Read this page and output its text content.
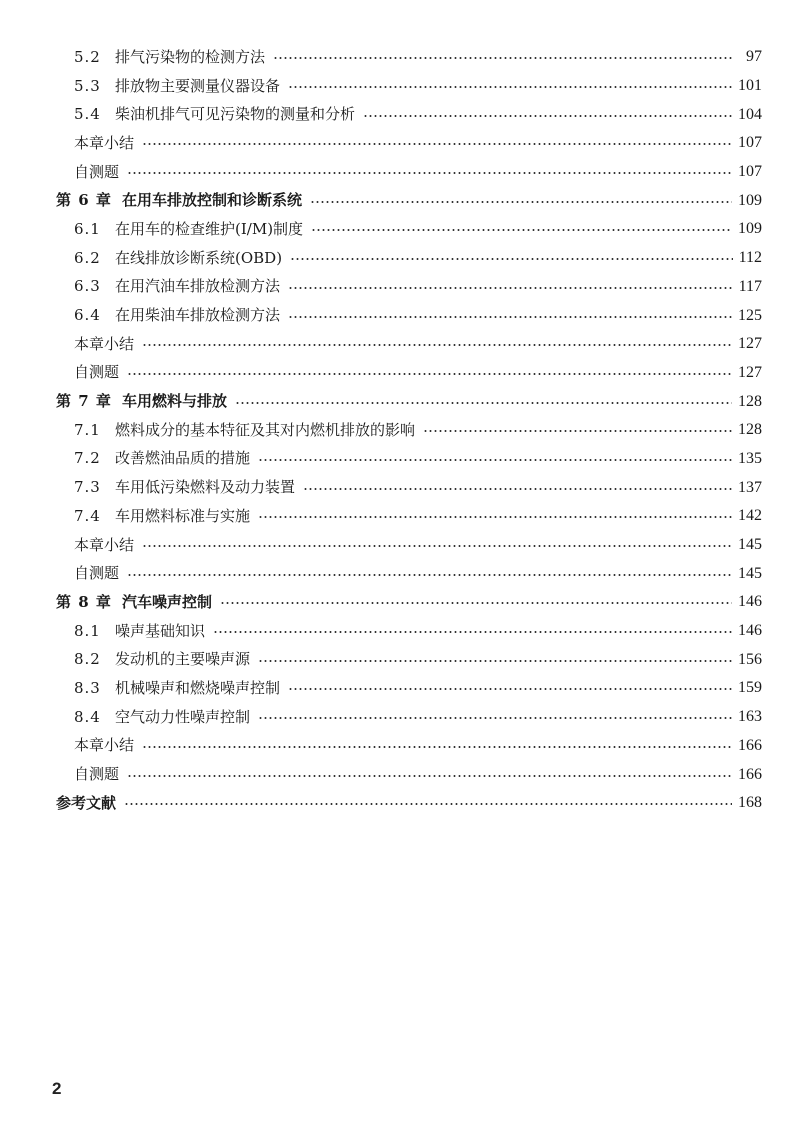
5.2 排气污染物的检测方法	97
5.3 排放物主要测量仪器设备	101
5.4 柴油机排气可见污染物的测量和分析	104
本章小结	107
自测题	107
第 6 章 在用车排放控制和诊断系统	109
6.1 在用车的检查维护(I/M)制度	109
6.2 在线排放诊断系统(OBD)	112
6.3 在用汽油车排放检测方法	117
6.4 在用柴油车排放检测方法	125
本章小结	127
自测题	127
第 7 章 车用燃料与排放	128
7.1 燃料成分的基本特征及其对内燃机排放的影响	128
7.2 改善燃油品质的措施	135
7.3 车用低污染燃料及动力装置	137
7.4 车用燃料标准与实施	142
本章小结	145
自测题	145
第 8 章 汽车噪声控制	146
8.1 噪声基础知识	146
8.2 发动机的主要噪声源	156
8.3 机械噪声和燃烧噪声控制	159
8.4 空气动力性噪声控制	163
本章小结	166
自测题	166
参考文献	168
2
